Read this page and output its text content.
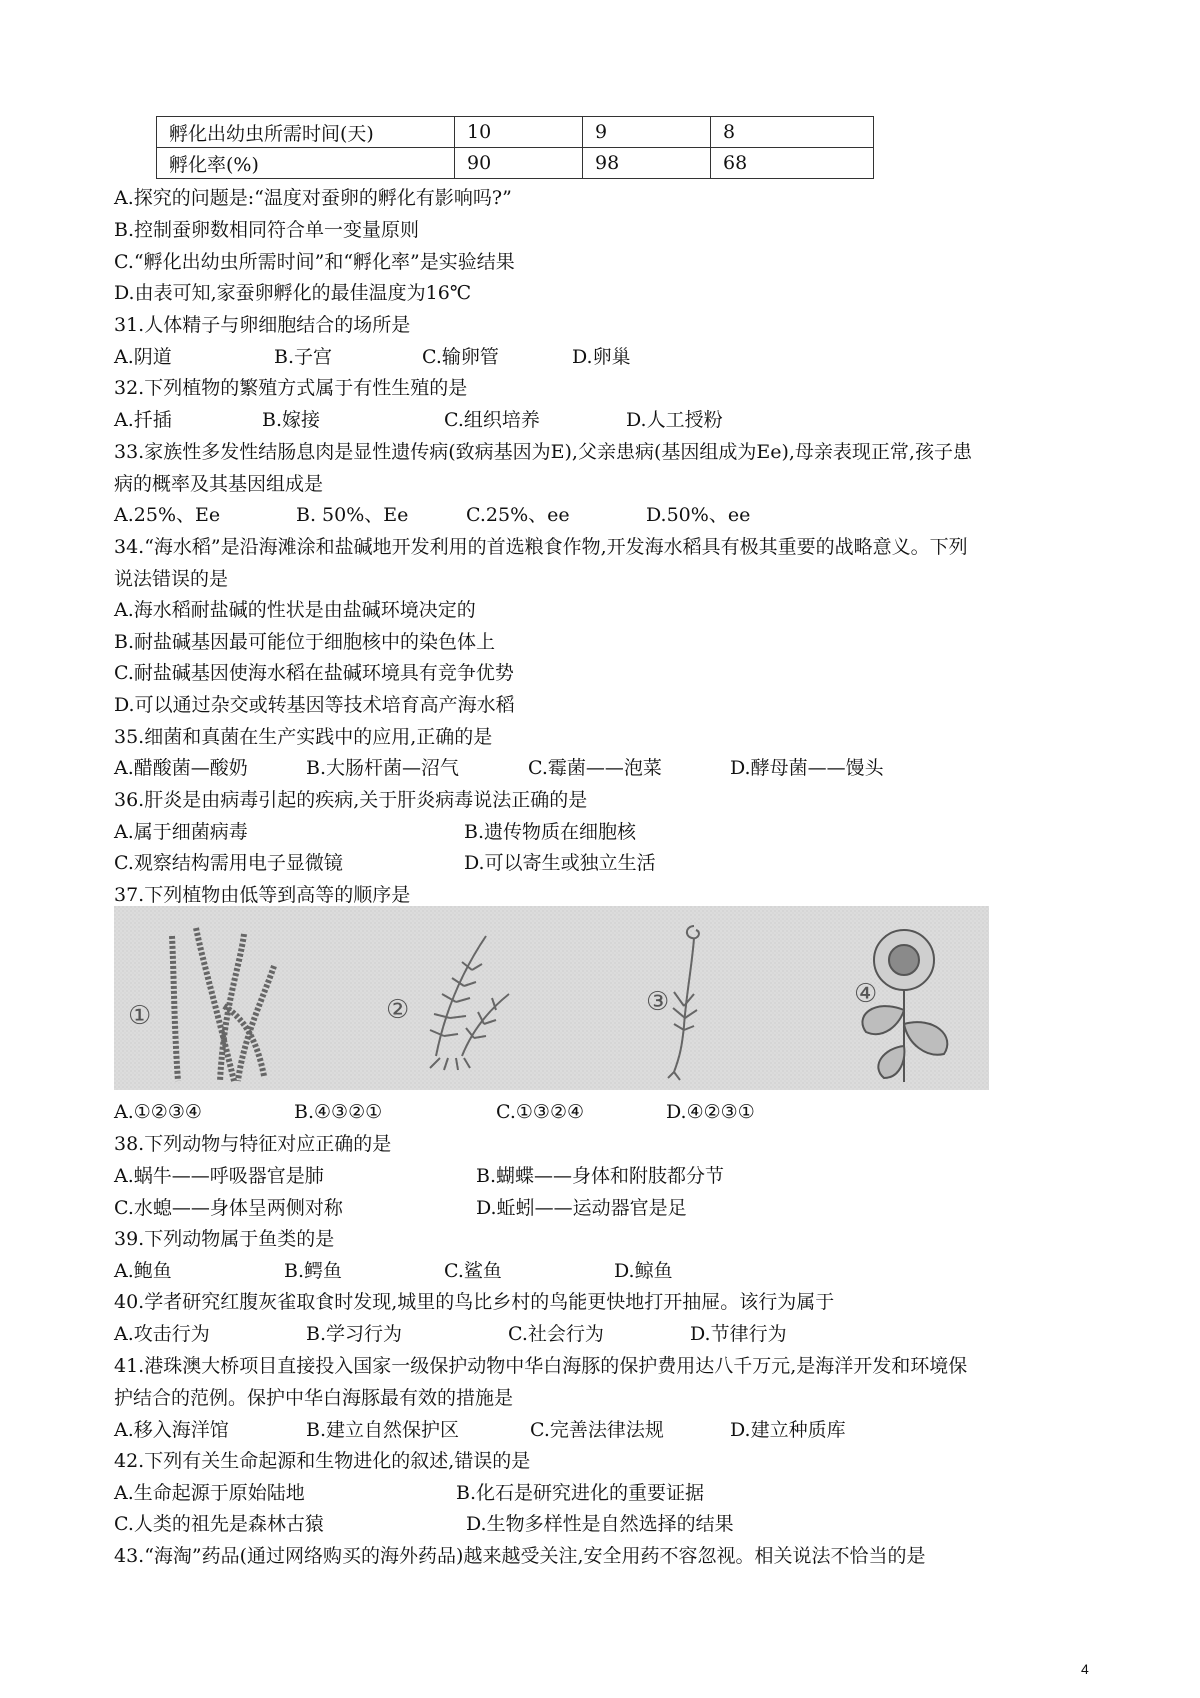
孵化出幼虫所需时间(天)	10	9	8
孵化率(%)	90	98	68
A.探究的问题是:“温度对蚕卵的孵化有影响吗?”
B.控制蚕卵数相同符合单一变量原则
C.“孵化出幼虫所需时间”和“孵化率”是实验结果
D.由表可知,家蚕卵孵化的最佳温度为16℃
31.人体精子与卵细胞结合的场所是
A.阴道	B.子宫	C.输卵管	D.卵巢
32.下列植物的繁殖方式属于有性生殖的是
A.扦插	B.嫁接	C.组织培养	D.人工授粉
33.家族性多发性结肠息肉是显性遗传病(致病基因为E),父亲患病(基因组成为Ee),母亲表现正常,孩子患
病的概率及其基因组成是
A.25%、Ee	B. 50%、Ee	C.25%、ee	D.50%、ee
34.“海水稻”是沿海滩涂和盐碱地开发利用的首选粮食作物,开发海水稻具有极其重要的战略意义。下列
说法错误的是
A.海水稻耐盐碱的性状是由盐碱环境决定的
B.耐盐碱基因最可能位于细胞核中的染色体上
C.耐盐碱基因使海水稻在盐碱环境具有竞争优势
D.可以通过杂交或转基因等技术培育高产海水稻
35.细菌和真菌在生产实践中的应用,正确的是
A.醋酸菌—酸奶	B.大肠杆菌—沼气	C.霉菌——泡菜	D.酵母菌——馒头
36.肝炎是由病毒引起的疾病,关于肝炎病毒说法正确的是
A.属于细菌病毒	B.遗传物质在细胞核
C.观察结构需用电子显微镜	D.可以寄生或独立生活
37.下列植物由低等到高等的顺序是
①	②	③	④
A.①②③④	B.④③②①	C.①③②④	D.④②③①
38.下列动物与特征对应正确的是
A.蜗牛——呼吸器官是肺	B.蝴蝶——身体和附肢都分节
C.水螅——身体呈两侧对称	D.蚯蚓——运动器官是足
39.下列动物属于鱼类的是
A.鲍鱼	B.鳄鱼	C.鲨鱼	D.鲸鱼
40.学者研究红腹灰雀取食时发现,城里的鸟比乡村的鸟能更快地打开抽屉。该行为属于
A.攻击行为	B.学习行为	C.社会行为	D.节律行为
41.港珠澳大桥项目直接投入国家一级保护动物中华白海豚的保护费用达八千万元,是海洋开发和环境保
护结合的范例。保护中华白海豚最有效的措施是
A.移入海洋馆	B.建立自然保护区	C.完善法律法规	D.建立种质库
42.下列有关生命起源和生物进化的叙述,错误的是
A.生命起源于原始陆地	B.化石是研究进化的重要证据
C.人类的祖先是森林古猿	D.生物多样性是自然选择的结果
43.“海淘”药品(通过网络购买的海外药品)越来越受关注,安全用药不容忽视。相关说法不恰当的是
4
